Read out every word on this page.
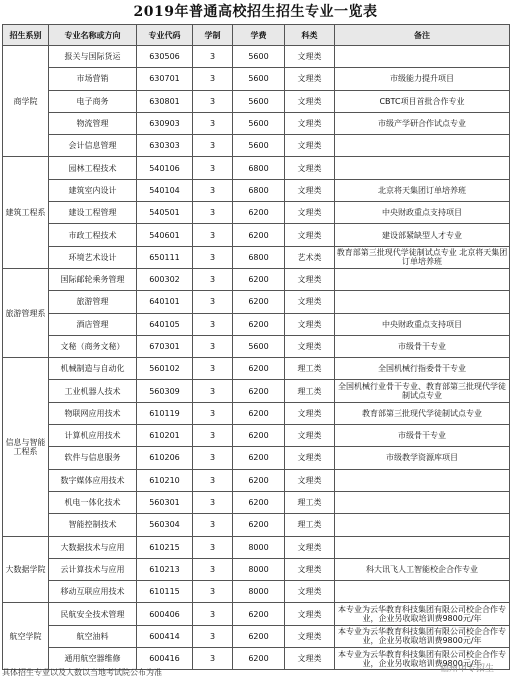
2019年普通高校招生招生专业一览表
招生系别	专业名称或方向	专业代码	学制	学费	科类	备注
商学院	报关与国际货运	630506	3	5600	文理类	
	市场营销	630701	3	5600	文理类	市级能力提升项目
	电子商务	630801	3	5600	文理类	CBTC项目首批合作专业
	物流管理	630903	3	5600	文理类	市级产学研合作试点专业
	会计信息管理	630303	3	5600	文理类	
建筑工程系	园林工程技术	540106	3	6800	文理类	
	建筑室内设计	540104	3	6800	文理类	北京将天集团订单培养班
	建设工程管理	540501	3	6200	文理类	中央财政重点支持项目
	市政工程技术	540601	3	6200	文理类	建设部紧缺型人才专业
	环境艺术设计	650111	3	6800	艺术类	教育部第三批现代学徒制试点专业 北京将天集团订单培养班
旅游管理系	国际邮轮乘务管理	600302	3	6200	文理类	
	旅游管理	640101	3	6200	文理类	
	酒店管理	640105	3	6200	文理类	中央财政重点支持项目
	文秘（商务文秘）	670301	3	5600	文理类	市级骨干专业
信息与智能工程系	机械制造与自动化	560102	3	6200	理工类	全国机械行指委骨干专业
	工业机器人技术	560309	3	6200	理工类	全国机械行业骨干专业、教育部第三批现代学徒制试点专业
	物联网应用技术	610119	3	6200	文理类	教育部第三批现代学徒制试点专业
	计算机应用技术	610201	3	6200	文理类	市级骨干专业
	软件与信息服务	610206	3	6200	文理类	市级教学资源库项目
	数字媒体应用技术	610210	3	6200	文理类	
	机电一体化技术	560301	3	6200	理工类	
	智能控制技术	560304	3	6200	理工类	
大数据学院	大数据技术与应用	610215	3	8000	文理类	
	云计算技术与应用	610213	3	8000	文理类	科大讯飞人工智能校企合作专业
	移动互联应用技术	610115	3	8000	文理类	
航空学院	民航安全技术管理	600406	3	6200	文理类	本专业为云华教育科技集团有限公司校企合作专业，企业另收取培训费9800元/年
	航空油料	600414	3	6200	文理类	本专业为云华教育科技集团有限公司校企合作专业，企业另收取培训费9800元/年
	通用航空器维修	600416	3	6200	文理类	本专业为云华教育科技集团有限公司校企合作专业，企业另收取培训费9800元/年
具体招生专业以及人数以当地考试院公布为准	福州中专招生
